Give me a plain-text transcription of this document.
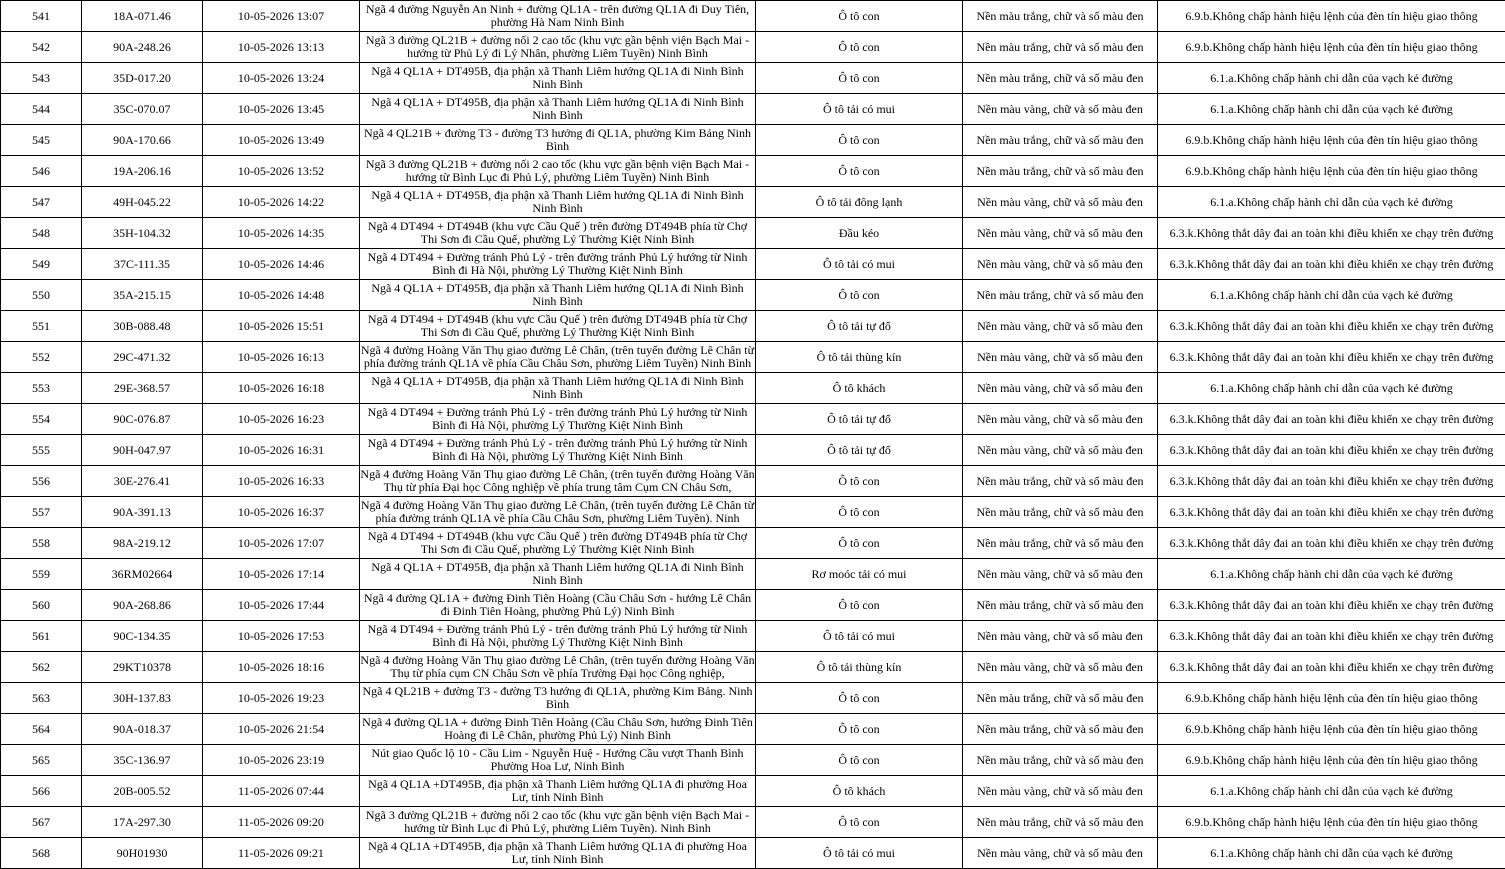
541	18A-071.46	10-05-2026 13:07	Ngã 4 đường Nguyễn An Ninh + đường QL1A - trên đường QL1A đi Duy Tiên, phường Hà Nam Ninh Bình	Ô tô con	Nền màu trắng, chữ và số màu đen	6.9.b.Không chấp hành hiệu lệnh của đèn tín hiệu giao thông
542	90A-248.26	10-05-2026 13:13	Ngã 3 đường QL21B + đường nối 2 cao tốc (khu vực gần bệnh viện Bạch Mai - hướng từ Phủ Lý đi Lý Nhân, phường Liêm Tuyền) Ninh Bình	Ô tô con	Nền màu trắng, chữ và số màu đen	6.9.b.Không chấp hành hiệu lệnh của đèn tín hiệu giao thông
543	35D-017.20	10-05-2026 13:24	Ngã 4 QL1A + DT495B, địa phận xã Thanh Liêm hướng QL1A đi Ninh Bình Ninh Bình	Ô tô con	Nền màu trắng, chữ và số màu đen	6.1.a.Không chấp hành chỉ dẫn của vạch kẻ đường
544	35C-070.07	10-05-2026 13:45	Ngã 4 QL1A + DT495B, địa phận xã Thanh Liêm hướng QL1A đi Ninh Bình Ninh Bình	Ô tô tải có mui	Nền màu vàng, chữ và số màu đen	6.1.a.Không chấp hành chỉ dẫn của vạch kẻ đường
545	90A-170.66	10-05-2026 13:49	Ngã 4 QL21B + đường T3 - đường T3 hướng đi QL1A, phường Kim Bảng Ninh Bình	Ô tô con	Nền màu trắng, chữ và số màu đen	6.9.b.Không chấp hành hiệu lệnh của đèn tín hiệu giao thông
546	19A-206.16	10-05-2026 13:52	Ngã 3 đường QL21B + đường nối 2 cao tốc (khu vực gần bệnh viện Bạch Mai - hướng từ Bình Lục đi Phủ Lý, phường Liêm Tuyền) Ninh Bình	Ô tô con	Nền màu trắng, chữ và số màu đen	6.9.b.Không chấp hành hiệu lệnh của đèn tín hiệu giao thông
547	49H-045.22	10-05-2026 14:22	Ngã 4 QL1A + DT495B, địa phận xã Thanh Liêm hướng QL1A đi Ninh Bình Ninh Bình	Ô tô tải đông lạnh	Nền màu vàng, chữ và số màu đen	6.1.a.Không chấp hành chỉ dẫn của vạch kẻ đường
548	35H-104.32	10-05-2026 14:35	Ngã 4 DT494 + DT494B (khu vực Cầu Quế ) trên đường DT494B phía từ Chợ Thi Sơn đi Cầu Quế, phường Lý Thường Kiệt Ninh Bình	Đầu kéo	Nền màu vàng, chữ và số màu đen	6.3.k.Không thắt dây đai an toàn khi điều khiển xe chạy trên đường
549	37C-111.35	10-05-2026 14:46	Ngã 4 DT494 + Đường tránh Phủ Lý - trên đường tránh Phủ Lý hướng từ Ninh Bình đi Hà Nội, phường Lý Thường Kiệt Ninh Bình	Ô tô tải có mui	Nền màu vàng, chữ và số màu đen	6.3.k.Không thắt dây đai an toàn khi điều khiển xe chạy trên đường
550	35A-215.15	10-05-2026 14:48	Ngã 4 QL1A + DT495B, địa phận xã Thanh Liêm hướng QL1A đi Ninh Bình Ninh Bình	Ô tô con	Nền màu trắng, chữ và số màu đen	6.1.a.Không chấp hành chỉ dẫn của vạch kẻ đường
551	30B-088.48	10-05-2026 15:51	Ngã 4 DT494 + DT494B (khu vực Cầu Quế ) trên đường DT494B phía từ Chợ Thi Sơn đi Cầu Quế, phường Lý Thường Kiệt Ninh Bình	Ô tô tải tự đổ	Nền màu vàng, chữ và số màu đen	6.3.k.Không thắt dây đai an toàn khi điều khiển xe chạy trên đường
552	29C-471.32	10-05-2026 16:13	Ngã 4 đường Hoàng Văn Thụ giao đường Lê Chân, (trên tuyến đường Lê Chân từ phía đường tránh QL1A về phía Cầu Châu Sơn, phường Liêm Tuyền) Ninh Bình	Ô tô tải thùng kín	Nền màu vàng, chữ và số màu đen	6.3.k.Không thắt dây đai an toàn khi điều khiển xe chạy trên đường
553	29E-368.57	10-05-2026 16:18	Ngã 4 QL1A + DT495B, địa phận xã Thanh Liêm hướng QL1A đi Ninh Bình Ninh Bình	Ô tô khách	Nền màu vàng, chữ và số màu đen	6.1.a.Không chấp hành chỉ dẫn của vạch kẻ đường
554	90C-076.87	10-05-2026 16:23	Ngã 4 DT494 + Đường tránh Phủ Lý - trên đường tránh Phủ Lý hướng từ Ninh Bình đi Hà Nội, phường Lý Thường Kiệt Ninh Bình	Ô tô tải tự đổ	Nền màu vàng, chữ và số màu đen	6.3.k.Không thắt dây đai an toàn khi điều khiển xe chạy trên đường
555	90H-047.97	10-05-2026 16:31	Ngã 4 DT494 + Đường tránh Phủ Lý - trên đường tránh Phủ Lý hướng từ Ninh Bình đi Hà Nội, phường Lý Thường Kiệt Ninh Bình	Ô tô tải tự đổ	Nền màu vàng, chữ và số màu đen	6.3.k.Không thắt dây đai an toàn khi điều khiển xe chạy trên đường
556	30E-276.41	10-05-2026 16:33	Ngã 4 đường Hoàng Văn Thụ giao đường Lê Chân, (trên tuyến đường Hoàng Văn Thụ từ phía Đại học Công nghiệp về phía trung tâm Cụm CN Châu Sơn,	Ô tô con	Nền màu trắng, chữ và số màu đen	6.3.k.Không thắt dây đai an toàn khi điều khiển xe chạy trên đường
557	90A-391.13	10-05-2026 16:37	Ngã 4 đường Hoàng Văn Thụ giao đường Lê Chân, (trên tuyến đường Lê Chân từ phía đường tránh QL1A về phía Cầu Châu Sơn, phường Liêm Tuyền). Ninh	Ô tô con	Nền màu trắng, chữ và số màu đen	6.3.k.Không thắt dây đai an toàn khi điều khiển xe chạy trên đường
558	98A-219.12	10-05-2026 17:07	Ngã 4 DT494 + DT494B (khu vực Cầu Quế ) trên đường DT494B phía từ Chợ Thi Sơn đi Cầu Quế, phường Lý Thường Kiệt Ninh Bình	Ô tô con	Nền màu trắng, chữ và số màu đen	6.3.k.Không thắt dây đai an toàn khi điều khiển xe chạy trên đường
559	36RM02664	10-05-2026 17:14	Ngã 4 QL1A + DT495B, địa phận xã Thanh Liêm hướng QL1A đi Ninh Bình Ninh Bình	Rơ moóc tải có mui	Nền màu vàng, chữ và số màu đen	6.1.a.Không chấp hành chỉ dẫn của vạch kẻ đường
560	90A-268.86	10-05-2026 17:44	Ngã 4 đường QL1A + đường Đinh Tiên Hoàng (Cầu Châu Sơn - hướng Lê Chân đi Đinh Tiên Hoàng, phường Phủ Lý) Ninh Bình	Ô tô con	Nền màu trắng, chữ và số màu đen	6.3.k.Không thắt dây đai an toàn khi điều khiển xe chạy trên đường
561	90C-134.35	10-05-2026 17:53	Ngã 4 DT494 + Đường tránh Phủ Lý - trên đường tránh Phủ Lý hướng từ Ninh Bình đi Hà Nội, phường Lý Thường Kiệt Ninh Bình	Ô tô tải có mui	Nền màu vàng, chữ và số màu đen	6.3.k.Không thắt dây đai an toàn khi điều khiển xe chạy trên đường
562	29KT10378	10-05-2026 18:16	Ngã 4 đường Hoàng Văn Thụ giao đường Lê Chân, (trên tuyến đường Hoàng Văn Thụ từ phía cụm CN Châu Sơn về phía Trường Đại học Công nghiệp,	Ô tô tải thùng kín	Nền màu vàng, chữ và số màu đen	6.3.k.Không thắt dây đai an toàn khi điều khiển xe chạy trên đường
563	30H-137.83	10-05-2026 19:23	Ngã 4 QL21B + đường T3 - đường T3 hướng đi QL1A, phường Kim Bảng. Ninh Bình	Ô tô con	Nền màu trắng, chữ và số màu đen	6.9.b.Không chấp hành hiệu lệnh của đèn tín hiệu giao thông
564	90A-018.37	10-05-2026 21:54	Ngã 4 đường QL1A + đường Đinh Tiên Hoàng (Cầu Châu Sơn, hướng Đinh Tiên Hoàng đi Lê Chân, phường Phủ Lý) Ninh Bình	Ô tô con	Nền màu trắng, chữ và số màu đen	6.9.b.Không chấp hành hiệu lệnh của đèn tín hiệu giao thông
565	35C-136.97	10-05-2026 23:19	Nút giao Quốc lộ 10 - Cầu Lim - Nguyễn Huệ - Hướng Cầu vượt Thanh Bình Phường Hoa Lư, Ninh Bình	Ô tô con	Nền màu trắng, chữ và số màu đen	6.9.b.Không chấp hành hiệu lệnh của đèn tín hiệu giao thông
566	20B-005.52	11-05-2026 07:44	Ngã 4 QL1A +DT495B, địa phận xã Thanh Liêm hướng QL1A đi phường Hoa Lư, tỉnh Ninh Bình	Ô tô khách	Nền màu vàng, chữ và số màu đen	6.1.a.Không chấp hành chỉ dẫn của vạch kẻ đường
567	17A-297.30	11-05-2026 09:20	Ngã 3 đường QL21B + đường nối 2 cao tốc (khu vực gần bệnh viện Bạch Mai - hướng từ Bình Lục đi Phủ Lý, phường Liêm Tuyền). Ninh Bình	Ô tô con	Nền màu trắng, chữ và số màu đen	6.9.b.Không chấp hành hiệu lệnh của đèn tín hiệu giao thông
568	90H01930	11-05-2026 09:21	Ngã 4 QL1A +DT495B, địa phận xã Thanh Liêm hướng QL1A đi phường Hoa Lư, tỉnh Ninh Bình	Ô tô tải có mui	Nền màu vàng, chữ và số màu đen	6.1.a.Không chấp hành chỉ dẫn của vạch kẻ đường
